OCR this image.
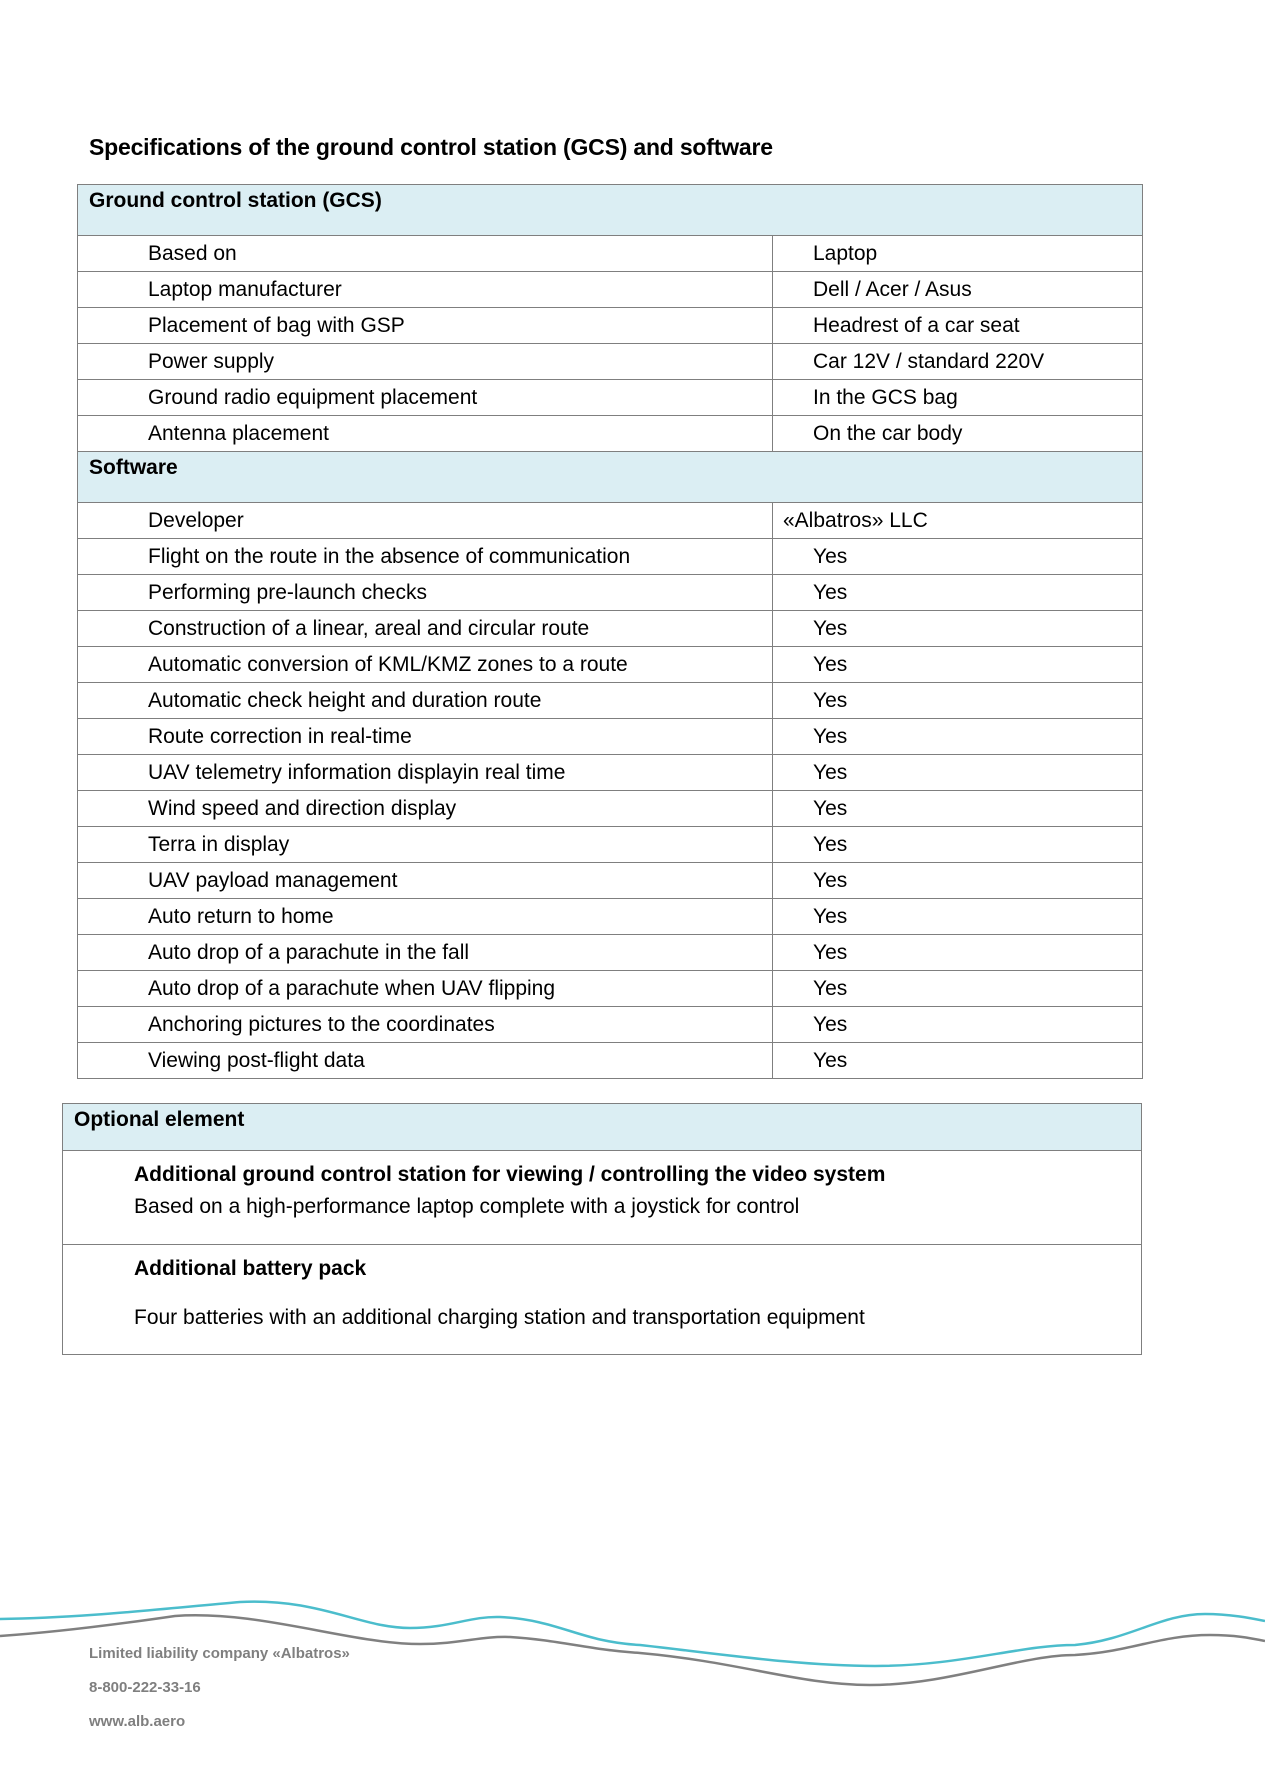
Specifications of the ground control station (GCS) and software
Ground control station (GCS)	
Based on	Laptop
Laptop manufacturer	Dell / Acer / Asus
Placement of bag with GSP	Headrest of a car seat
Power supply	Car 12V / standard 220V
Ground radio equipment placement	In the GCS bag
Antenna placement	On the car body
Software	
Developer	«Albatros» LLC
Flight on the route in the absence of communication	Yes
Performing pre-launch checks	Yes
Construction of a linear, areal and circular route	Yes
Automatic conversion of KML/KMZ zones to a route	Yes
Automatic check height and duration route	Yes
Route correction in real-time	Yes
UAV telemetry information displayin real time	Yes
Wind speed and direction display	Yes
Terra in display	Yes
UAV payload management	Yes
Auto return to home	Yes
Auto drop of a parachute in the fall	Yes
Auto drop of a parachute when UAV flipping	Yes
Anchoring pictures to the coordinates	Yes
Viewing post-flight data	Yes
Optional element

Additional ground control station for viewing / controlling the video system
Based on a high-performance laptop complete with a joystick for control

Additional battery pack
Four batteries with an additional charging station and transportation equipment
Limited liability company «Albatros»
8-800-222-33-16
www.alb.aero
